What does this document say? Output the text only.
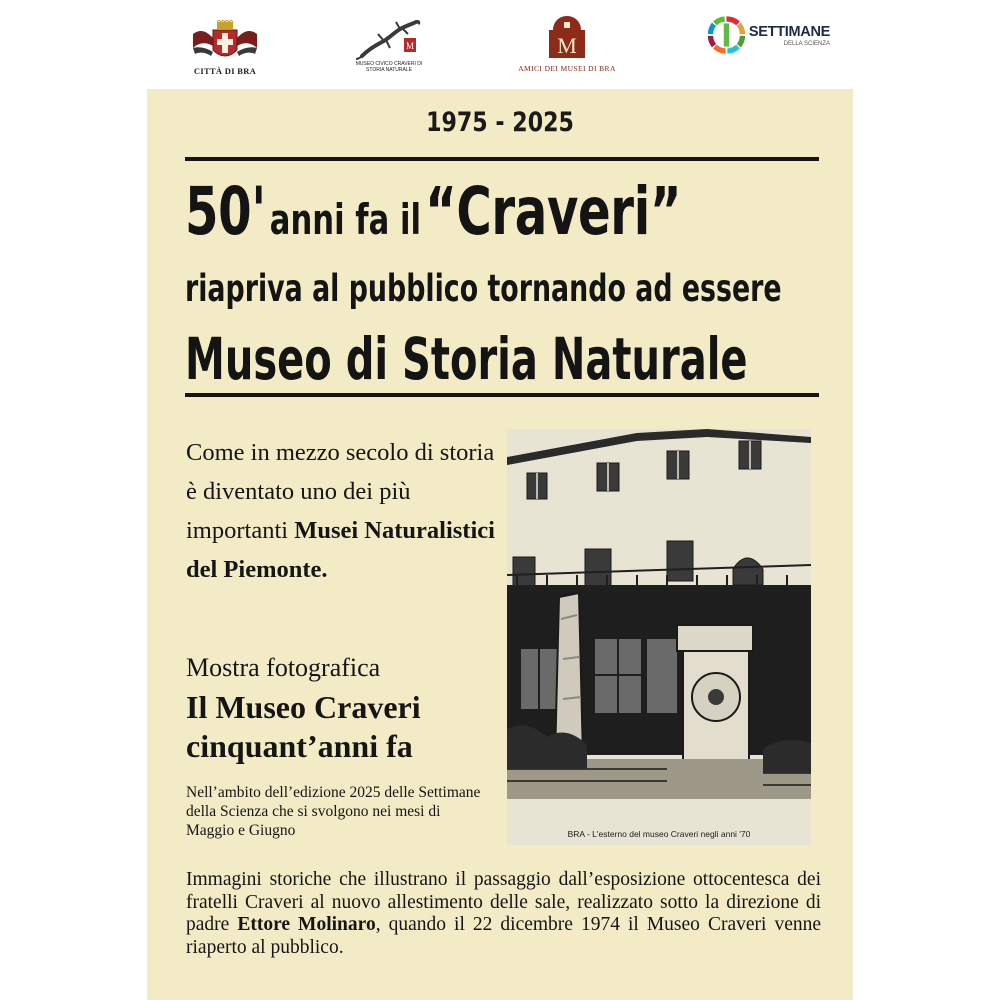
CITTÀ DI BRA
M
MUSEO CIVICO CRAVERI DI STORIA NATURALE
M
AMICI DEI MUSEI DI BRA
SETTIMANE
DELLA SCIENZA
1975 - 2025
50' anni fa il “Craveri”
riapriva al pubblico tornando ad essere
Museo di Storia Naturale
Come in mezzo secolo di storia è diventato uno dei più importanti Musei Naturalistici del Piemonte.
Mostra fotografica
Il Museo Craveri
cinquant’anni fa
Nell’ambito dell’edizione 2025 delle Settimane della Scienza che si svolgono nei mesi di Maggio e Giugno	BRA - L'esterno del museo Craveri negli anni '70
Immagini storiche che illustrano il passaggio dall’esposizione ottocentesca dei fratelli Craveri al nuovo allestimento delle sale, realizzato sotto la direzione di padre Ettore Molinaro, quando il 22 dicembre 1974 il Museo Craveri venne riaperto al pubblico.
